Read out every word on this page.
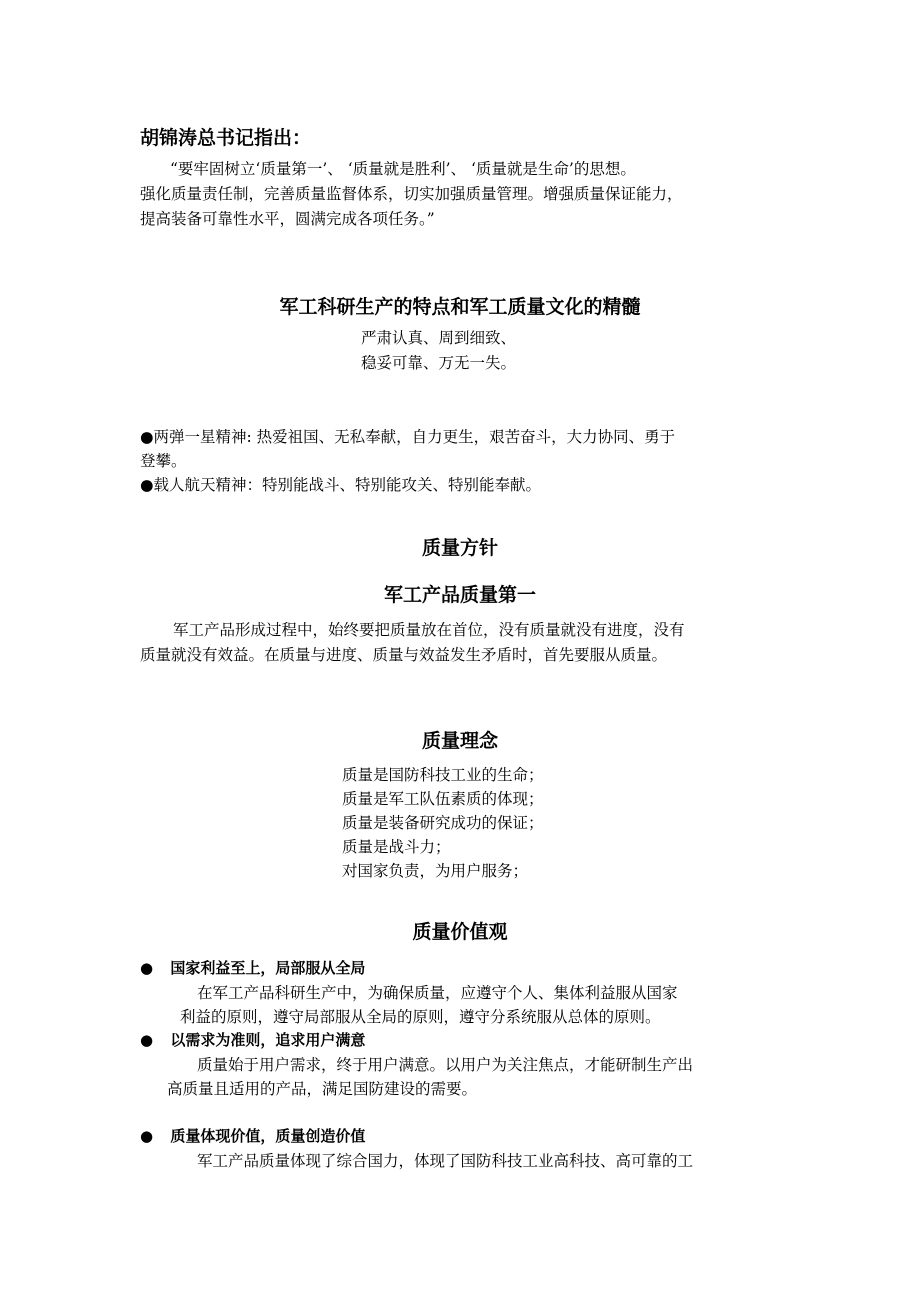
胡锦涛总书记指出：
“要牢固树立‘质量第一’、 ‘质量就是胜利’、 ‘质量就是生命’的思想。
强化质量责任制，完善质量监督体系，切实加强质量管理。增强质量保证能力，
提高装备可靠性水平，圆满完成各项任务。”
军工科研生产的特点和军工质量文化的精髓
严肃认真、周到细致、
稳妥可靠、万无一失。
●两弹一星精神: 热爱祖国、无私奉献，自力更生，艰苦奋斗，大力协同、勇于
登攀。
●载人航天精神：特别能战斗、特别能攻关、特别能奉献。
质量方针
军工产品质量第一
军工产品形成过程中，始终要把质量放在首位，没有质量就没有进度，没有
质量就没有效益。在质量与进度、质量与效益发生矛盾时，首先要服从质量。
质量理念
质量是国防科技工业的生命；
质量是军工队伍素质的体现；
质量是装备研究成功的保证；
质量是战斗力；
对国家负责，为用户服务；
质量价值观
● 国家利益至上，局部服从全局
在军工产品科研生产中，为确保质量，应遵守个人、集体利益服从国家
利益的原则，遵守局部服从全局的原则，遵守分系统服从总体的原则。
● 以需求为准则，追求用户满意
质量始于用户需求，终于用户满意。以用户为关注焦点，才能研制生产出
高质量且适用的产品，满足国防建设的需要。
● 质量体现价值，质量创造价值
军工产品质量体现了综合国力，体现了国防科技工业高科技、高可靠的工
